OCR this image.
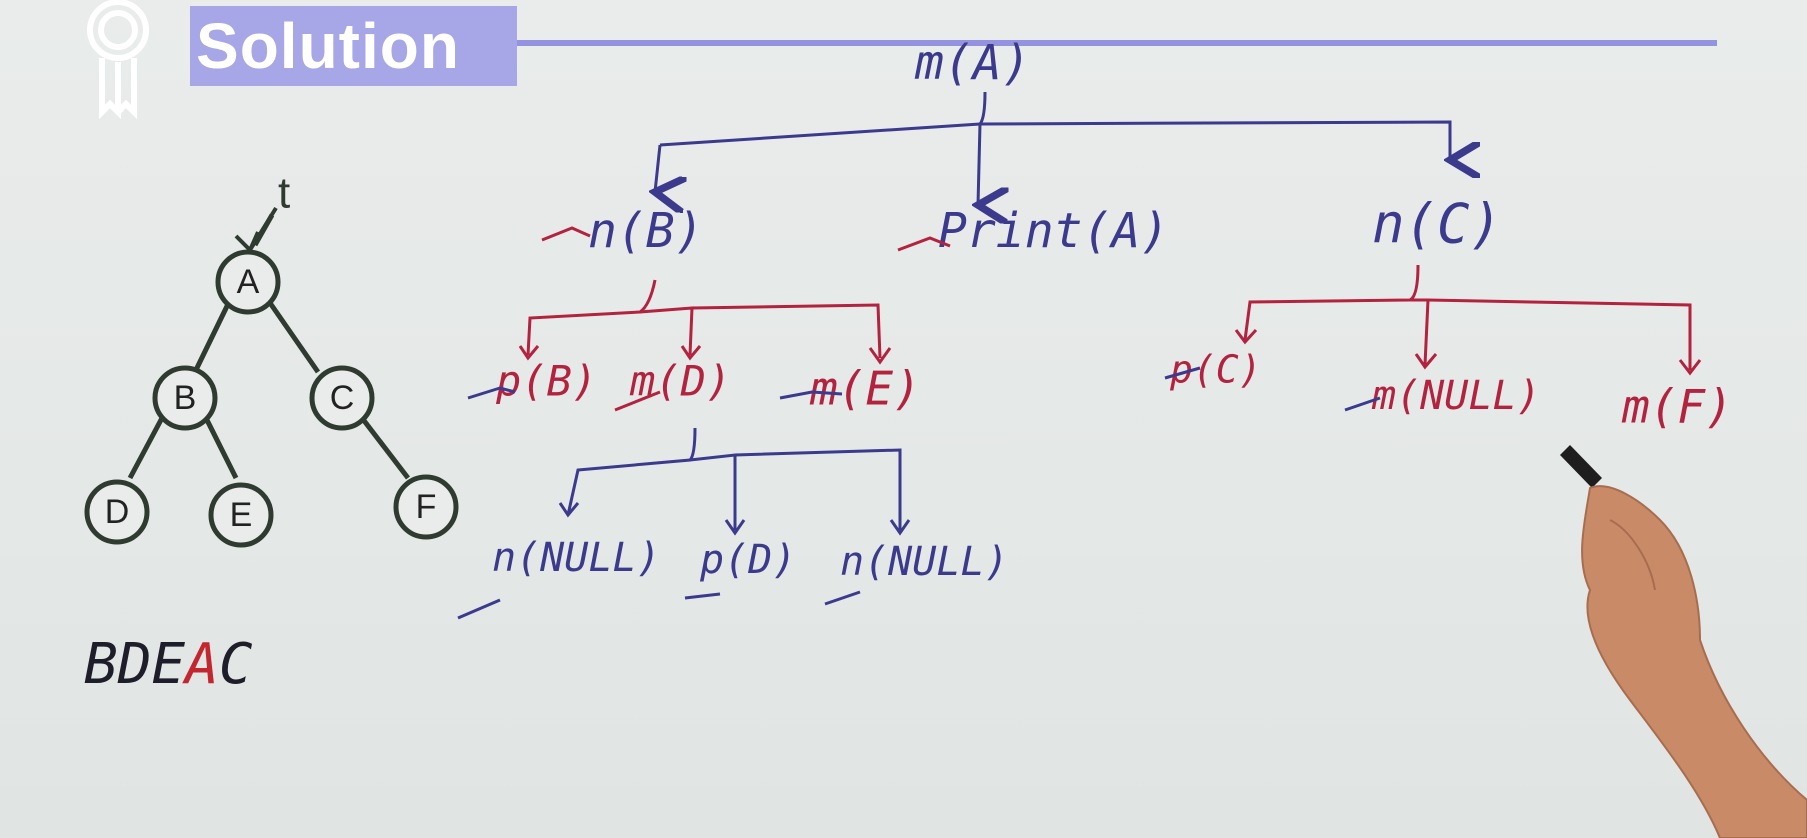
Solution
t
A
B	C
D	E	F
BDEAC
m(A)
n(B)	Print(A)	n(C)
p(B) m(D) m(E)
n(NULL) p(D) n(NULL)
p(C)
m(NULL) m(F)
